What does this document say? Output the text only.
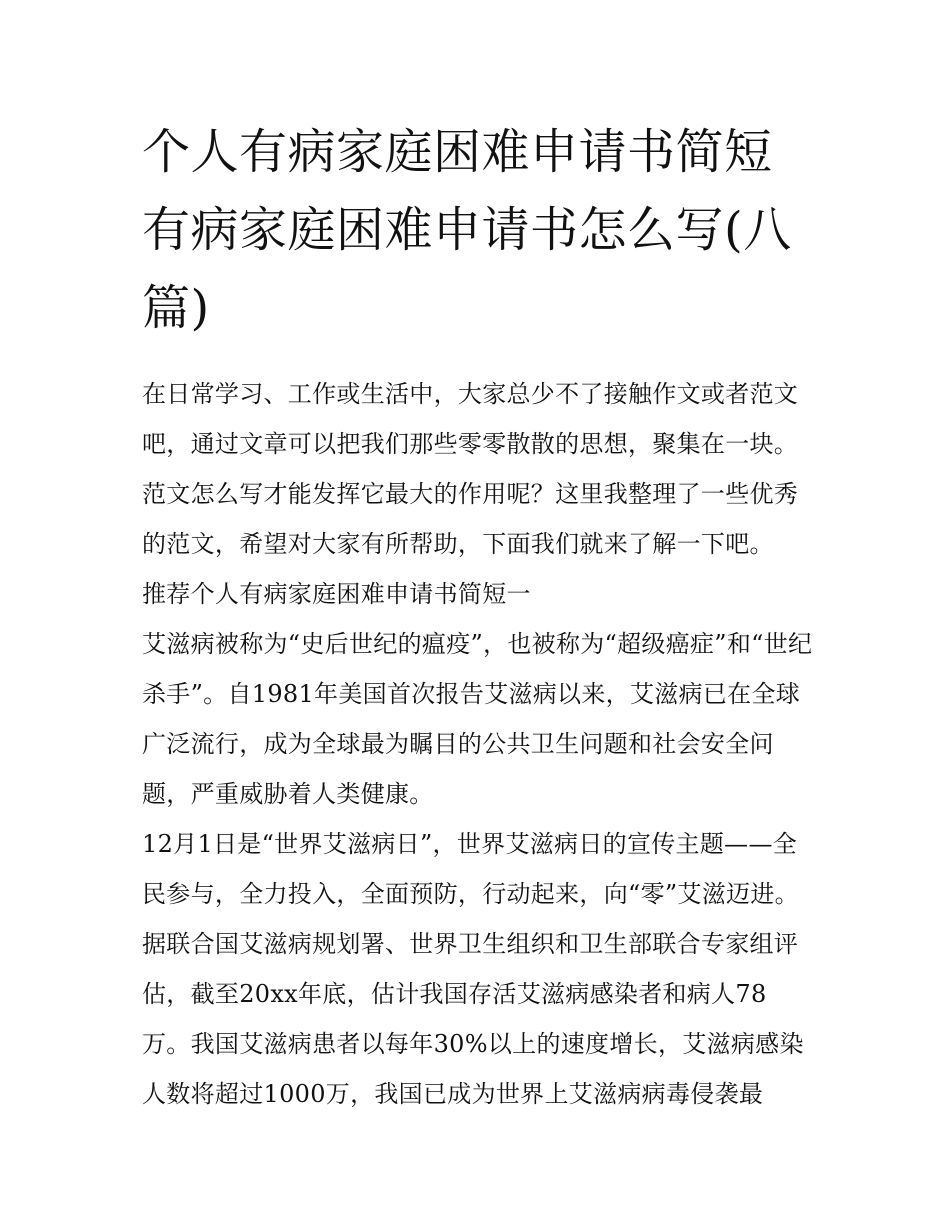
个人有病家庭困难申请书简短有病家庭困难申请书怎么写(八篇)

在日常学习、工作或生活中，大家总少不了接触作文或者范文吧，通过文章可以把我们那些零零散散的思想，聚集在一块。范文怎么写才能发挥它最大的作用呢？这里我整理了一些优秀的范文，希望对大家有所帮助，下面我们就来了解一下吧。

推荐个人有病家庭困难申请书简短一

艾滋病被称为“史后世纪的瘟疫”，也被称为“超级癌症”和“世纪杀手”。自1981年美国首次报告艾滋病以来，艾滋病已在全球广泛流行，成为全球最为瞩目的公共卫生问题和社会安全问题，严重威胁着人类健康。

12月1日是“世界艾滋病日”，世界艾滋病日的宣传主题——全民参与，全力投入，全面预防，行动起来，向“零”艾滋迈进。据联合国艾滋病规划署、世界卫生组织和卫生部联合专家组评估，截至20xx年底，估计我国存活艾滋病感染者和病人78万。我国艾滋病患者以每年30%以上的速度增长，艾滋病感染人数将超过1000万，我国已成为世界上艾滋病病毒侵袭最
